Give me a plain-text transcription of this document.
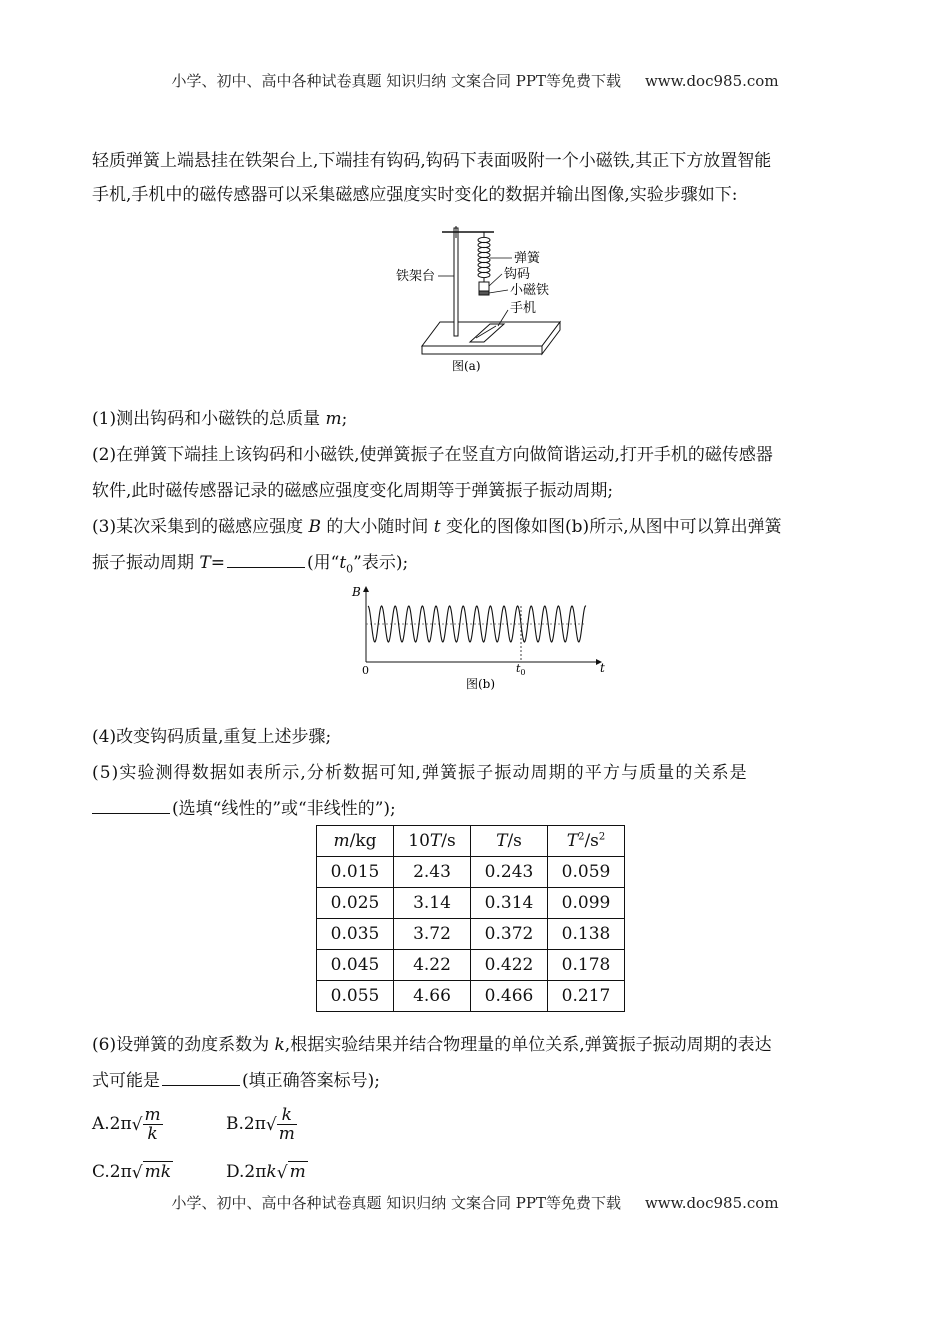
小学、初中、高中各种试卷真题 知识归纳 文案合同 PPT等免费下载 www.doc985.com
轻质弹簧上端悬挂在铁架台上,下端挂有钩码,钩码下表面吸附一个小磁铁,其正下方放置智能
手机,手机中的磁传感器可以采集磁感应强度实时变化的数据并输出图像,实验步骤如下:
铁架台
弹簧
钩码
小磁铁
手机
图(a)
(1)测出钩码和小磁铁的总质量 m;
(2)在弹簧下端挂上该钩码和小磁铁,使弹簧振子在竖直方向做简谐运动,打开手机的磁传感器
软件,此时磁传感器记录的磁感应强度变化周期等于弹簧振子振动周期;
(3)某次采集到的磁感应强度 B 的大小随时间 t 变化的图像如图(b)所示,从图中可以算出弹簧
振子振动周期 T=	(用“$t_0$”表示);
B
t
0	$t_0$
图(b)
(4)改变钩码质量,重复上述步骤;
(5)实验测得数据如表所示,分析数据可知,弹簧振子振动周期的平方与质量的关系是
(选填“线性的”或“非线性的”);
m/kg	10T/s	T/s	$T^2/s^2$
0.015	2.43	0.243	0.059
0.025	3.14	0.314	0.099
0.035	3.72	0.372	0.138
0.045	4.22	0.422	0.178
0.055	4.66	0.466	0.217
(6)设弹簧的劲度系数为 k,根据实验结果并结合物理量的单位关系,弹簧振子振动周期的表达
式可能是	(填正确答案标号);
$A.2\pi√ \frac{m}{k}$	$B.2\pi√ \frac{k}{m}$
C.2π√ mk	D.2πk√ m
小学、初中、高中各种试卷真题 知识归纳 文案合同 PPT等免费下载 www.doc985.com
